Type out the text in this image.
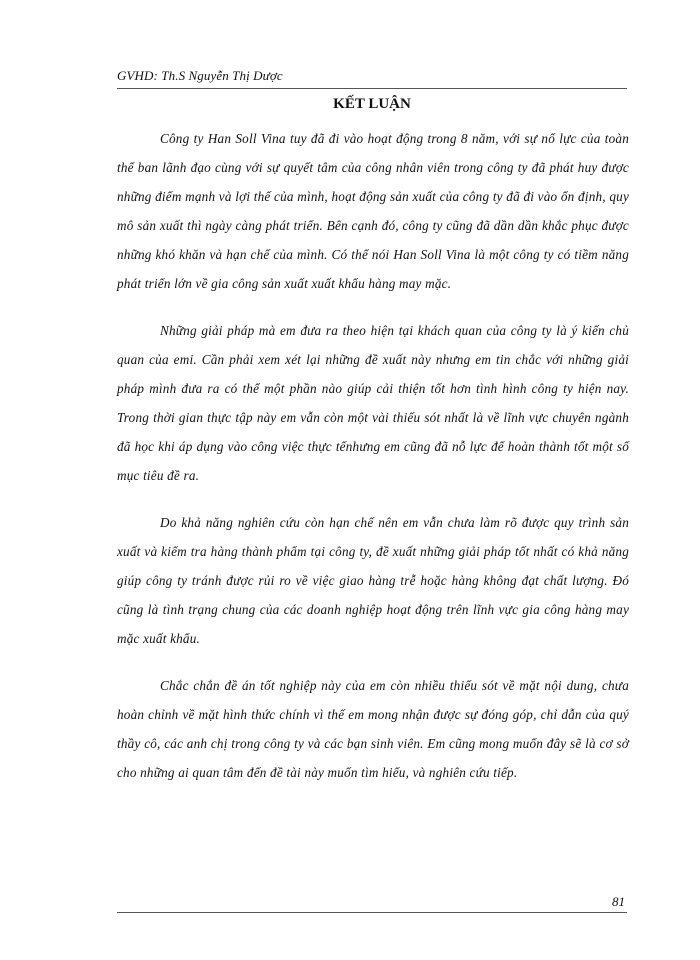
GVHD: Th.S Nguyễn Thị Dược
KẾT LUẬN

Công ty Han Soll Vina tuy đã đi vào hoạt động trong 8 năm, với sự nổ lực của toàn thể ban lãnh đạo cùng với sự quyết tâm của công nhân viên trong công ty đã phát huy được những điểm mạnh và lợi thế của mình, hoạt động sản xuất của công ty đã đi vào ổn định, quy mô sản xuất thì ngày càng phát triển. Bên cạnh đó, công ty cũng đã dần dần khắc phục được những khó khăn và hạn chế của mình. Có thể nói Han Soll Vina là một công ty có tiềm năng phát triển lớn về gia công sản xuất xuất khẩu hàng may mặc.

Những giải pháp mà em đưa ra theo hiện tại khách quan của công ty là ý kiến chủ quan của emi. Cần phải xem xét lại những đề xuất này nhưng em tin chắc với những giải pháp mình đưa ra có thể một phần nào giúp cải thiện tốt hơn tình hình công ty hiện nay. Trong thời gian thực tập này em vẫn còn một vài thiếu sót nhất là về lĩnh vực chuyên ngành đã học khi áp dụng vào công việc thực tếnhưng em cũng đã nỗ lực để hoàn thành tốt một số mục tiêu đề ra.

Do khả năng nghiên cứu còn hạn chế nên em vẫn chưa làm rõ được quy trình sản xuất và kiểm tra hàng thành phẩm tại công ty, đề xuất những giải pháp tốt nhất có khả năng giúp công ty tránh được rủi ro về việc giao hàng trễ hoặc hàng không đạt chất lượng. Đó cũng là tình trạng chung của các doanh nghiệp hoạt động trên lĩnh vực gia công hàng may mặc xuất khẩu.

Chắc chắn đề án tốt nghiệp này của em còn nhiều thiếu sót về mặt nội dung, chưa hoàn chỉnh về mặt hình thức chính vì thế em mong nhận được sự đóng góp, chỉ dẫn của quý thầy cô, các anh chị trong công ty và các bạn sinh viên. Em cũng mong muốn đây sẽ là cơ sở cho những ai quan tâm đến đề tài này muốn tìm hiểu, và nghiên cứu tiếp.

81
